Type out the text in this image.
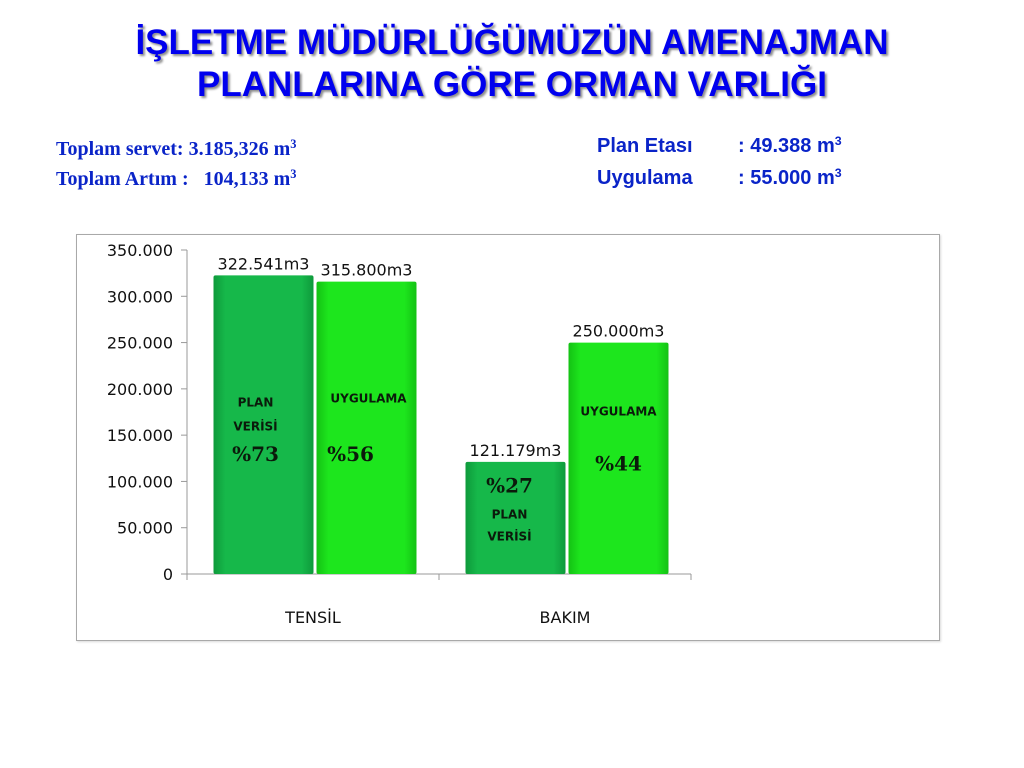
İŞLETME MÜDÜRLÜĞÜMÜZÜN AMENAJMAN
PLANLARINA GÖRE ORMAN VARLIĞI
Toplam servet: 3.185,326 $m^3$
Toplam Artım :   104,133 $m^3$
Plan Etası : 49.388 $m^3$
Uygulama : 55.000 $m^3$
0
50.000
100.000
150.000
200.000
250.000
300.000
350.000
TENSİL
322.541m3
PLAN
VERİSİ
%73
315.800m3
UYGULAMA
%56
BAKIM
121.179m3
%27
PLAN
VERİSİ
250.000m3
UYGULAMA
%44
